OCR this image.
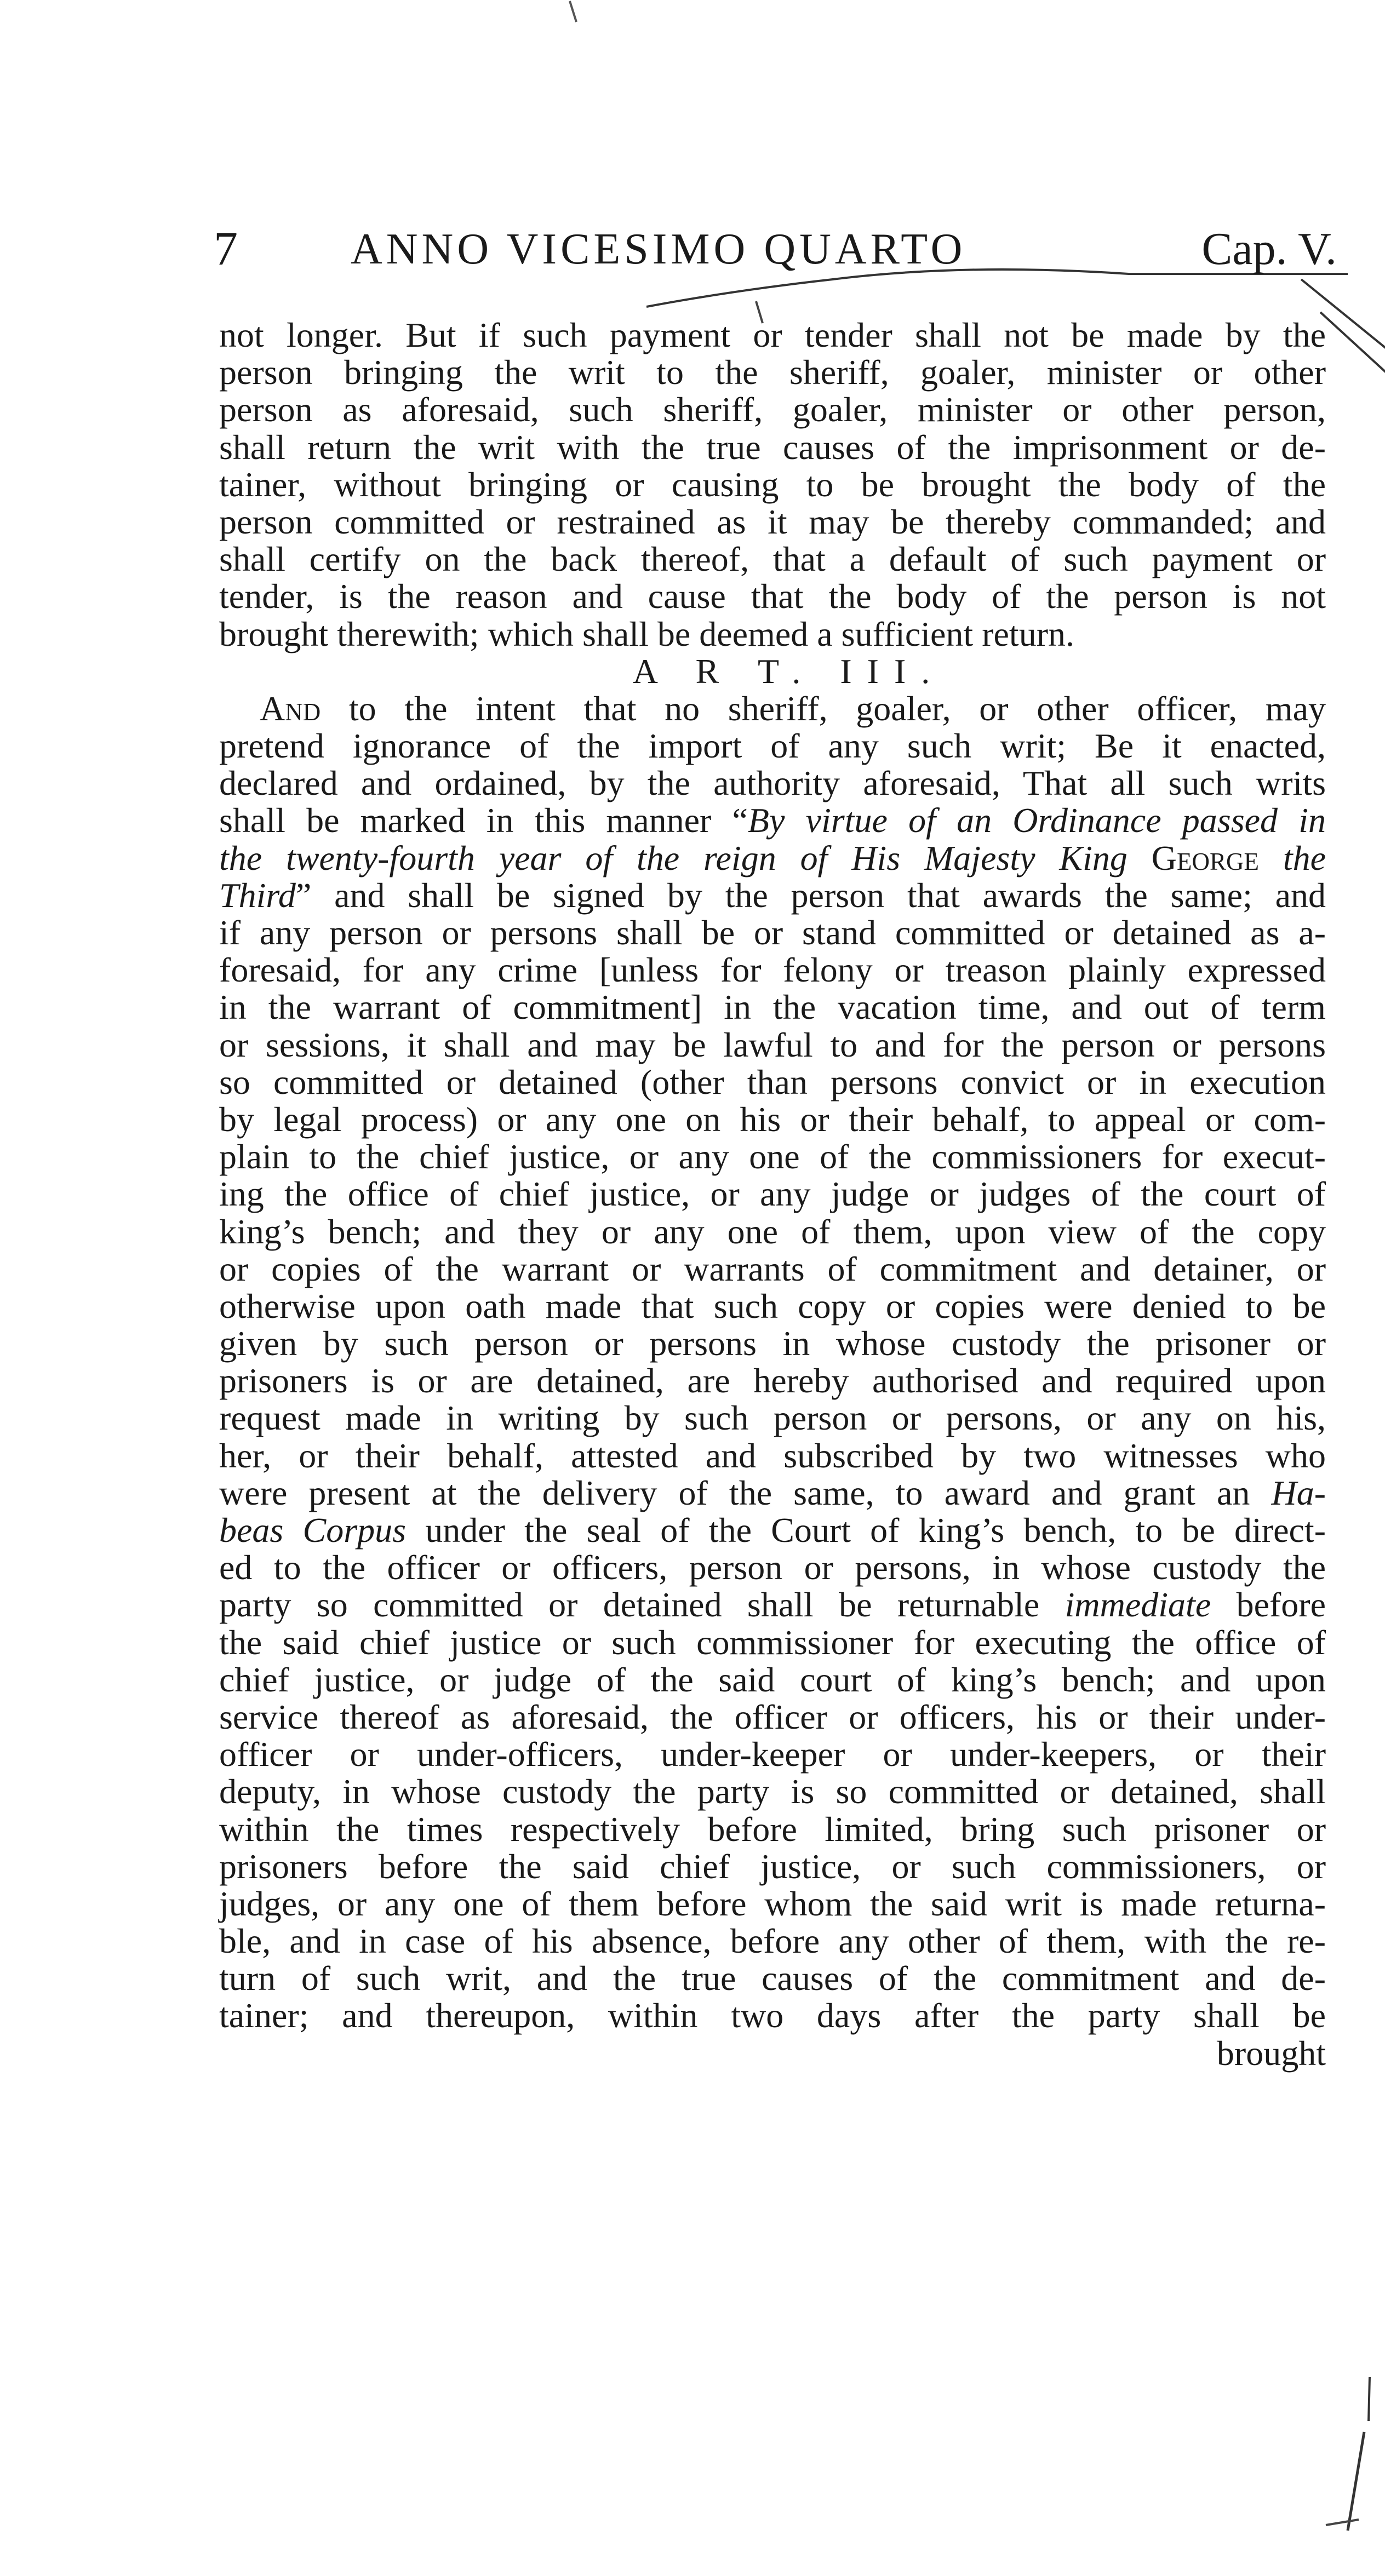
7	ANNO VICESIMO QUARTO	Cap. V.
not longer. But if such payment or tender shall not be made by the
person bringing the writ to the sheriff, goaler, minister or other
person as aforesaid, such sheriff, goaler, minister or other person,
shall return the writ with the true causes of the imprisonment or de-
tainer, without bringing or causing to be brought the body of the
person committed or restrained as it may be thereby commanded; and
shall certify on the back thereof, that a default of such payment or
tender, is the reason and cause that the body of the person is not
brought therewith; which shall be deemed a sufficient return.
A R T. III.
And to the intent that no sheriff, goaler, or other officer, may
pretend ignorance of the import of any such writ; Be it enacted,
declared and ordained, by the authority aforesaid, That all such writs
shall be marked in this manner “By virtue of an Ordinance passed in
the twenty-fourth year of the reign of His Majesty King George the
Third” and shall be signed by the person that awards the same; and
if any person or persons shall be or stand committed or detained as a-
foresaid, for any crime [unless for felony or treason plainly expressed
in the warrant of commitment] in the vacation time, and out of term
or sessions, it shall and may be lawful to and for the person or persons
so committed or detained (other than persons convict or in execution
by legal process) or any one on his or their behalf, to appeal or com-
plain to the chief justice, or any one of the commissioners for execut-
ing the office of chief justice, or any judge or judges of the court of
king’s bench; and they or any one of them, upon view of the copy
or copies of the warrant or warrants of commitment and detainer, or
otherwise upon oath made that such copy or copies were denied to be
given by such person or persons in whose custody the prisoner or
prisoners is or are detained, are hereby authorised and required upon
request made in writing by such person or persons, or any on his,
her, or their behalf, attested and subscribed by two witnesses who
were present at the delivery of the same, to award and grant an Ha-
beas Corpus under the seal of the Court of king’s bench, to be direct-
ed to the officer or officers, person or persons, in whose custody the
party so committed or detained shall be returnable immediate before
the said chief justice or such commissioner for executing the office of
chief justice, or judge of the said court of king’s bench; and upon
service thereof as aforesaid, the officer or officers, his or their under-
officer or under-officers, under-keeper or under-keepers, or their
deputy, in whose custody the party is so committed or detained, shall
within the times respectively before limited, bring such prisoner or
prisoners before the said chief justice, or such commissioners, or
judges, or any one of them before whom the said writ is made returna-
ble, and in case of his absence, before any other of them, with the re-
turn of such writ, and the true causes of the commitment and de-
tainer; and thereupon, within two days after the party shall be
brought
